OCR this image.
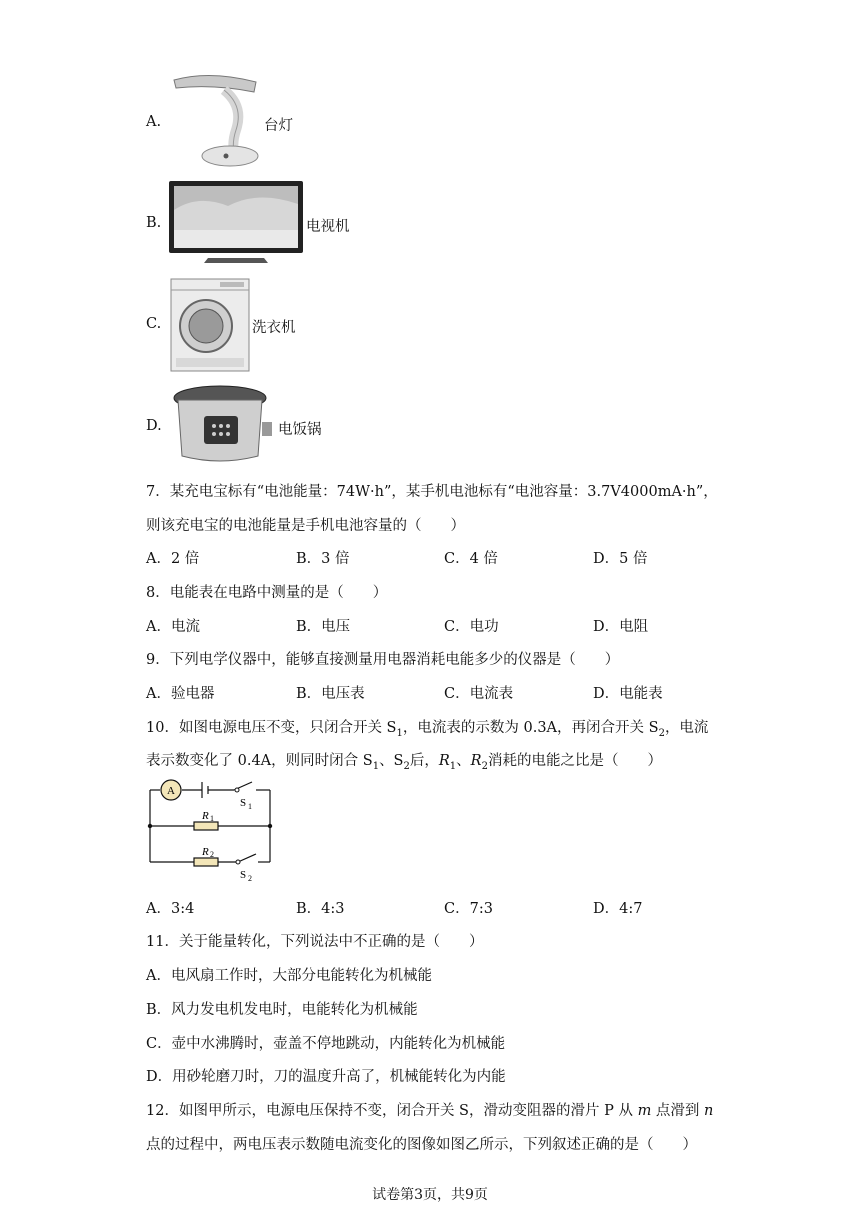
A.	台灯
B.	电视机
C.	洗衣机
D.	电饭锅
7．某充电宝标有“电池能量：74W·h”，某手机电池标有“电池容量：3.7V4000mA·h”，
则该充电宝的电池能量是手机电池容量的（　　）
A．2 倍	B．3 倍	C．4 倍	D．5 倍
8．电能表在电路中测量的是（　　）
A．电流	B．电压	C．电功	D．电阻
9．下列电学仪器中，能够直接测量用电器消耗电能多少的仪器是（　　）
A．验电器	B．电压表	C．电流表	D．电能表
10．如图电源电压不变，只闭合开关 $S_1$，电流表的示数为 0.3A，再闭合开关 $S_2$，电流
表示数变化了 0.4A，则同时闭合 $S_1$、$S_2$后，$R_1$、$R_2$消耗的电能之比是（　　）
A
R 1
R 2
S 1
S 2
A．3:4	B．4:3	C．7:3	D．4:7
11．关于能量转化，下列说法中不正确的是（　　）
A．电风扇工作时，大部分电能转化为机械能
B．风力发电机发电时，电能转化为机械能
C．壶中水沸腾时，壶盖不停地跳动，内能转化为机械能
D．用砂轮磨刀时，刀的温度升高了，机械能转化为内能
12．如图甲所示，电源电压保持不变，闭合开关 S，滑动变阻器的滑片 P 从 m 点滑到 n
点的过程中，两电压表示数随电流变化的图像如图乙所示，下列叙述正确的是（　　）
试卷第3页，共9页
